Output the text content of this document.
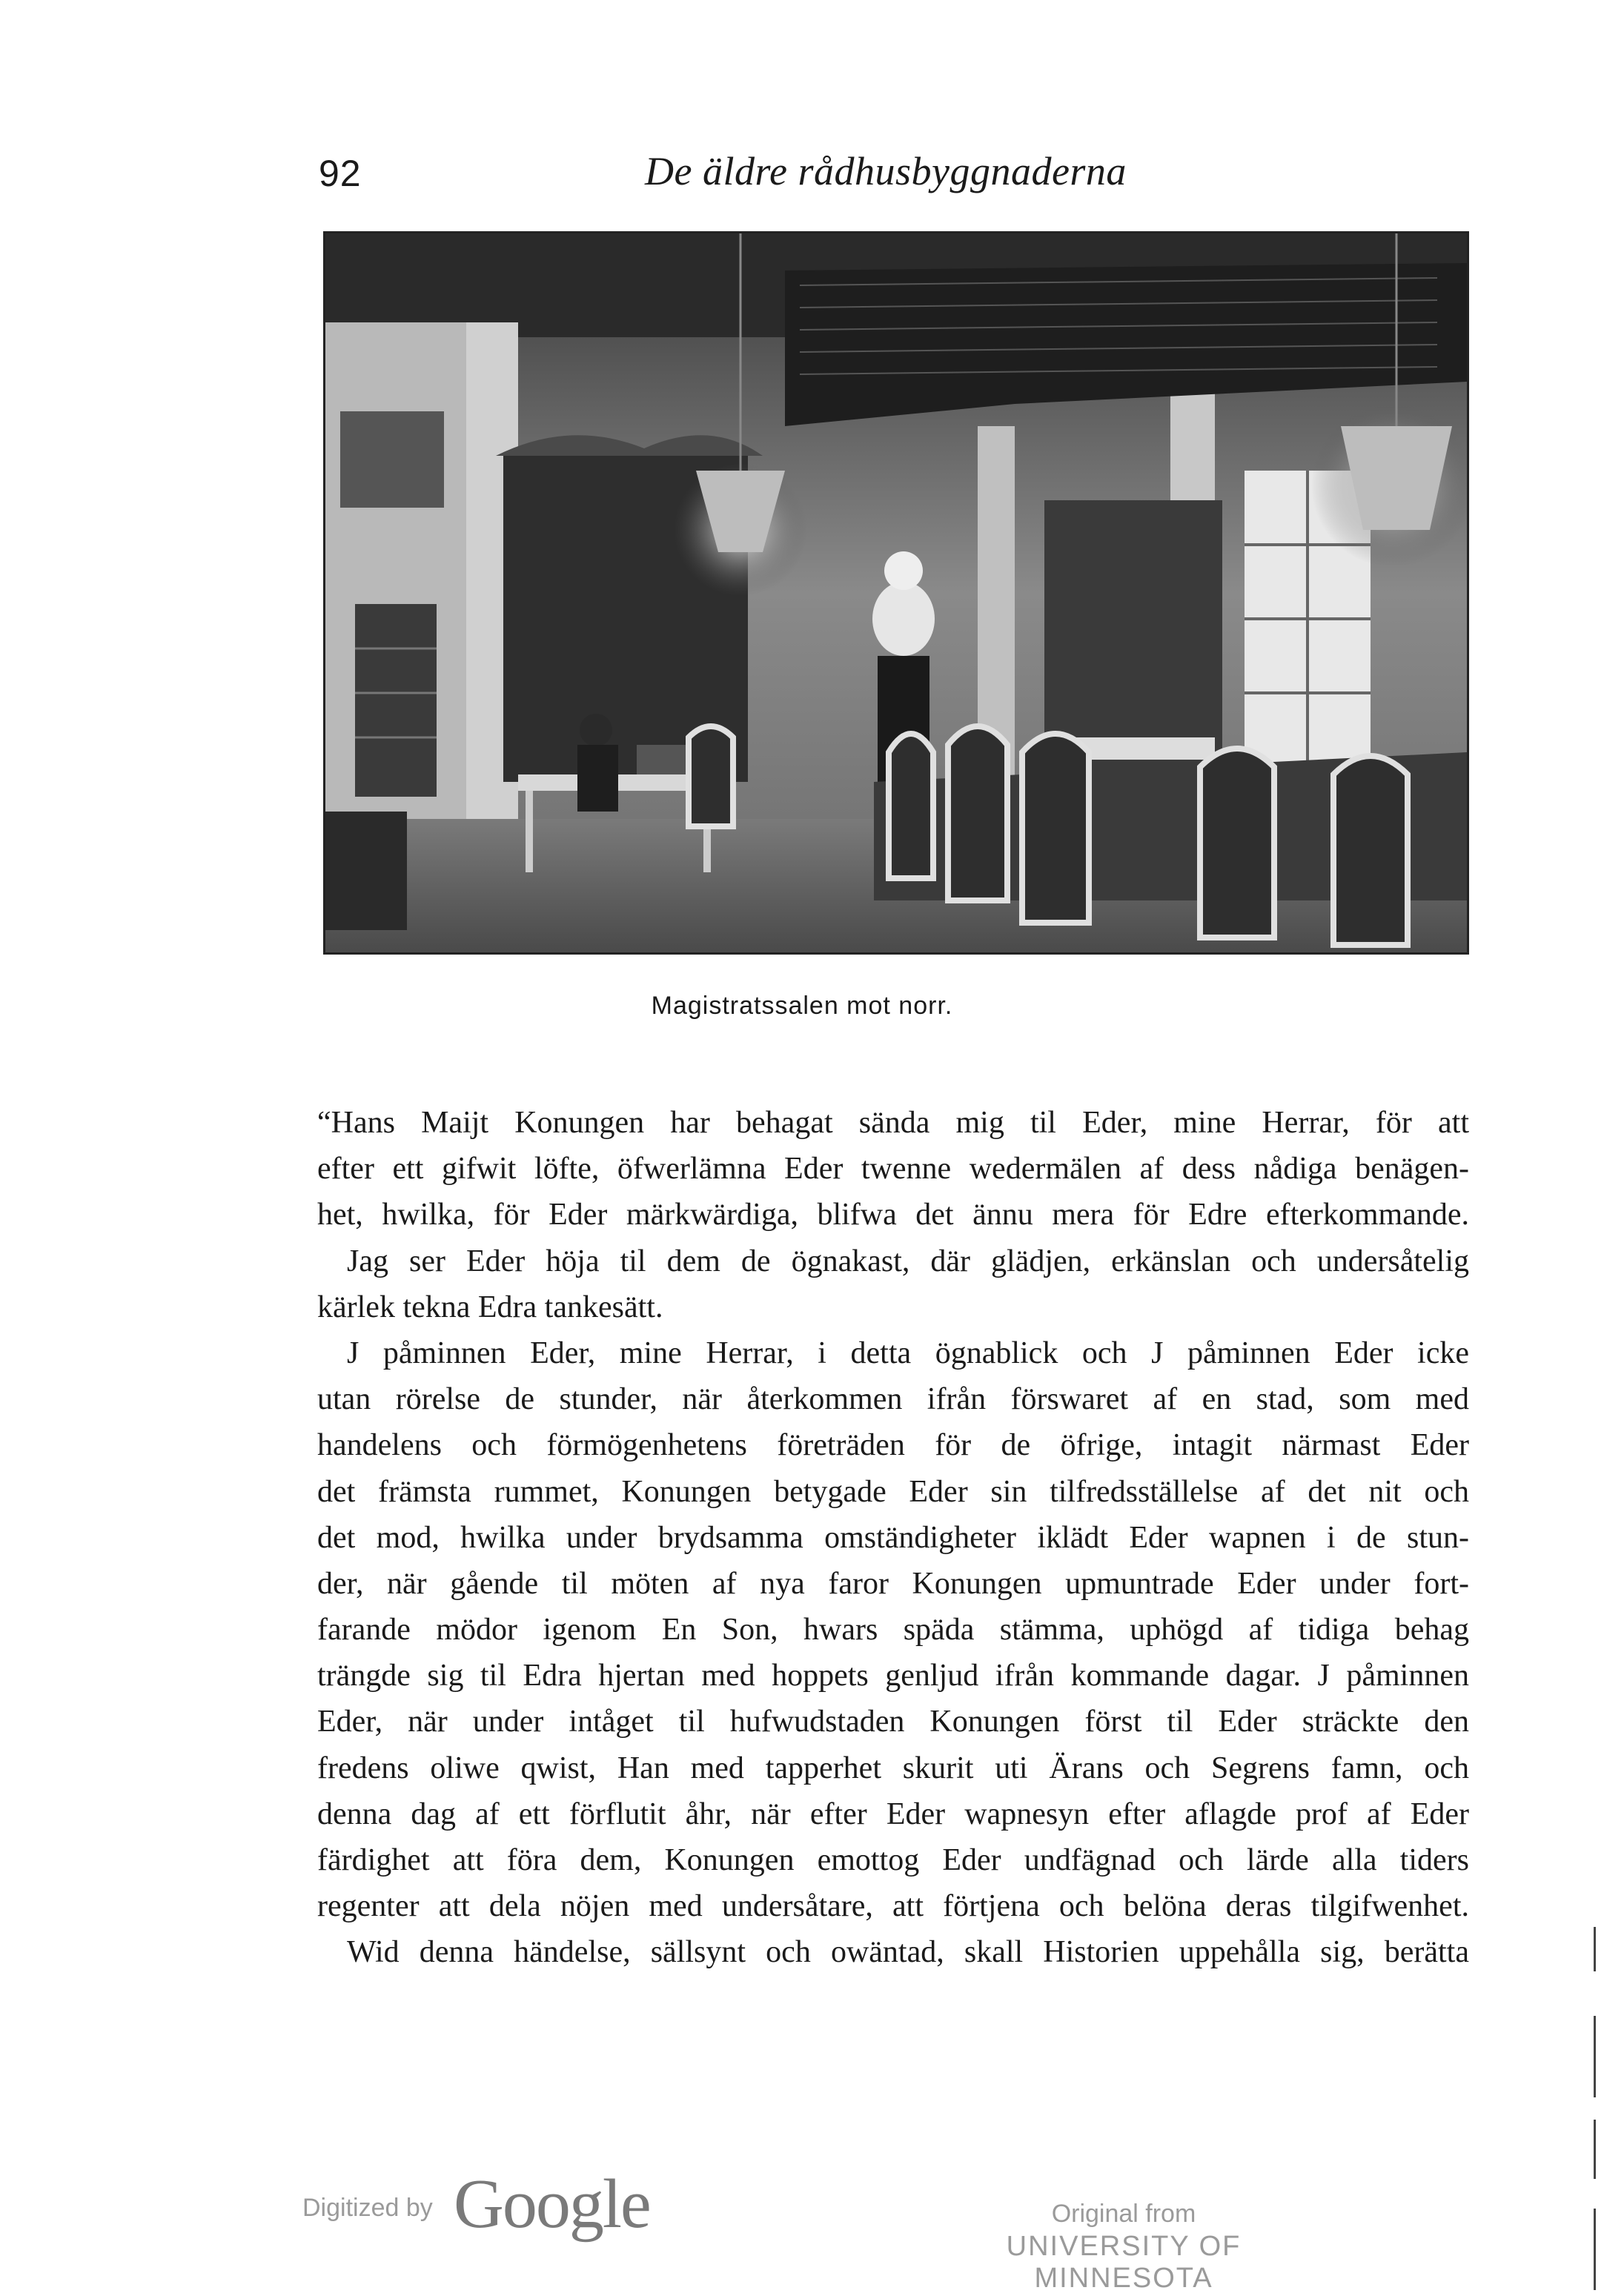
92	De äldre rådhusbyggnaderna
Magistratssalen mot norr.
“Hans Maijt Konungen har behagat sända mig til Eder, mine Herrar, för att
efter ett gifwit löfte, öfwerlämna Eder twenne wedermälen af dess nådiga benägen-
het, hwilka, för Eder märkwärdiga, blifwa det ännu mera för Edre efterkommande.
Jag ser Eder höja til dem de ögnakast, där glädjen, erkänslan och undersåtelig
kärlek tekna Edra tankesätt.
J påminnen Eder, mine Herrar, i detta ögnablick och J påminnen Eder icke
utan rörelse de stunder, när återkommen ifrån förswaret af en stad, som med
handelens och förmögenhetens företräden för de öfrige, intagit närmast Eder
det främsta rummet, Konungen betygade Eder sin tilfredsställelse af det nit och
det mod, hwilka under brydsamma omständigheter iklädt Eder wapnen i de stun-
der, när gående til möten af nya faror Konungen upmuntrade Eder under fort-
farande mödor igenom En Son, hwars späda stämma, uphögd af tidiga behag
trängde sig til Edra hjertan med hoppets genljud ifrån kommande dagar. J påminnen
Eder, när under intåget til hufwudstaden Konungen först til Eder sträckte den
fredens oliwe qwist, Han med tapperhet skurit uti Ärans och Segrens famn, och
denna dag af ett förflutit åhr, när efter Eder wapnesyn efter aflagde prof af Eder
färdighet att föra dem, Konungen emottog Eder undfägnad och lärde alla tiders
regenter att dela nöjen med undersåtare, att förtjena och belöna deras tilgifwenhet.
Wid denna händelse, sällsynt och owäntad, skall Historien uppehålla sig, berätta
Digitized by Google	Original from
UNIVERSITY OF MINNESOTA
